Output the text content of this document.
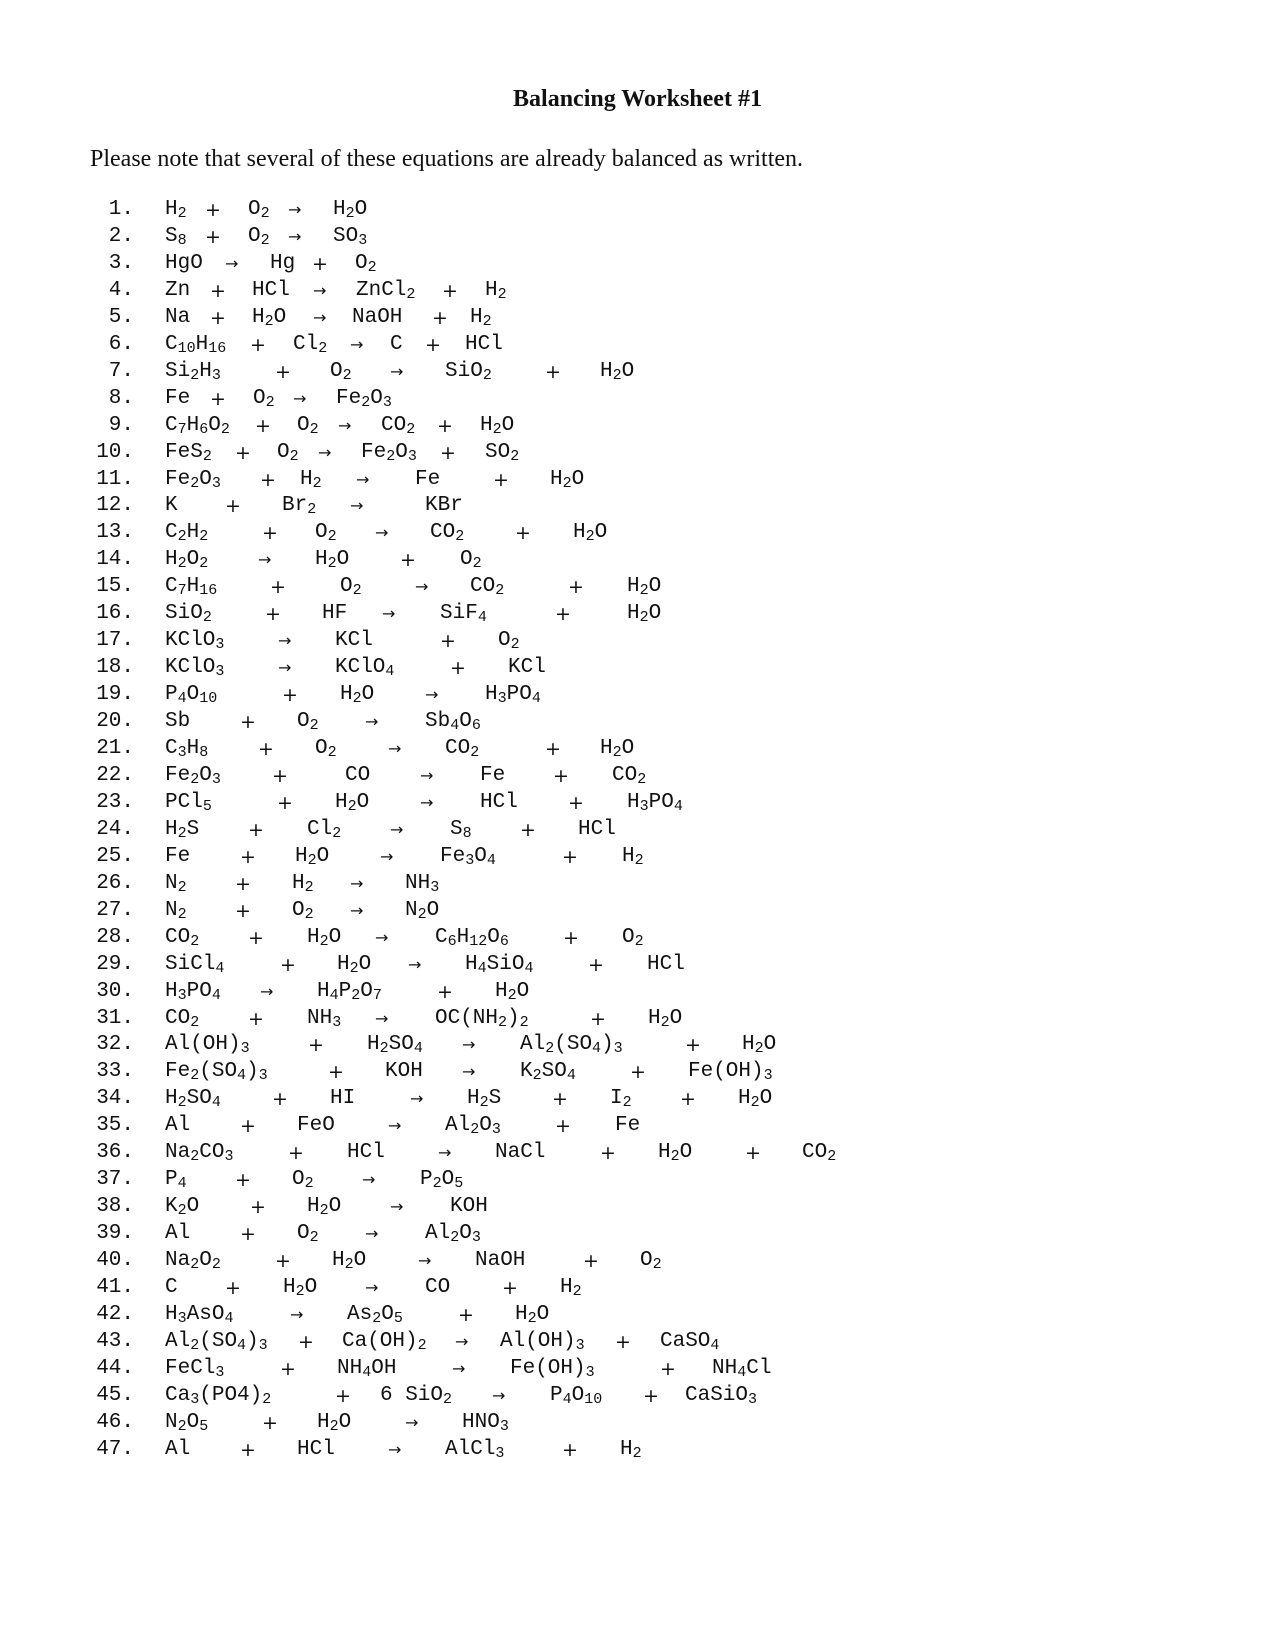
Balancing Worksheet #1
Please note that several of these equations are already balanced as written.
1. $H_2 + O_2 \to H_2O$
2. $S_8 + O_2 \to SO_3$
3. HgO → $Hg + O_2$
4. Zn + HCl → ZnCl$_2$ + $H_2$
5. $Na + H_2O$ → NaOH + $H_2$
6. $C_{10}H_{16} + Cl_2 \to C$ + HCl
7. $Si_2H_3$	+ $O_2 \to SiO_2$	+ $H_2O$
8. $Fe + O_2 \to Fe_2O_3$
9. $C_7H_6O_2 + O_2 \to CO_2 + H_2O$
10. $FeS_2 + O_2 \to Fe_2O_3 + SO_2$
11. $Fe_2O_3 + H_2 \to Fe$	+ $H_2O$
12. $K + Br_2$ →	KBr
13. $C_2H_2$	+ $O_2 \to CO_2$	+ $H_2O$
14. $H_2O_2$	→ $H_2O$	+ $O_2$
15. $C_7H_{16}$	+	$O_2$	→ $CO_2$	+ $H_2O$
16. SiO$_2$	+ HF → SiF$_4$	+	$H_2O$
17. KClO$_3$	→ KCl	+ $O_2$
18. KClO$_3$	→ KClO$_4$	+ KCl
19. $P_4O_{10}$	+ $H_2O$	→ $H_3PO_4$
20. Sb	+ $O_2$	→ $Sb_4O_6$
21. $C_3H_8$	+ $O_2$	→ $CO_2$	+ $H_2O$
22. $Fe_2O_3$	+	CO	→ Fe	+ $CO_2$
23. PCl$_5$	+ $H_2O$	→ HCl	+ $H_3PO_4$
24. $H_2S$	+ $Cl_2$	→ $S_8$	+ HCl
25. Fe	+ $H_2O$	→ $Fe_3O_4$	+ $H_2$
26. $N_2$	+ $H_2 \to NH_3$
27. $N_2$	+ $O_2 \to N_2O$
28. $CO_2$	+ $H_2O \to C_6H_{12}O_6$	+ $O_2$
29. SiCl$_4$	+ $H_2O \to H_4SiO_4$	+ HCl
30. $H_3PO_4 \to H_4P_2O_7$	+ $H_2O$
31. $CO_2$	+ $NH_3 \to OC(NH_2)_2$	+ $H_2O$
32. $Al(OH)_3$	+ $H_2SO_4 \to Al_2(SO_4)_3$	+ $H_2O$
33. $Fe_2(SO_4)_3$	+ KOH → $K_2SO_4$	+ $Fe(OH)_3$
34. $H_2SO_4$	+ HI	→ $H_2S$	+ $I_2$	+ $H_2O$
35. Al	+ FeO	→ $Al_2O_3$	+ Fe
36. $Na_2CO_3$	+ HCl	→ NaCl	+ $H_2O$	+ $CO_2$
37. $P_4$	+ $O_2$	→ $P_2O_5$
38. $K_2O$	+ $H_2O$	→ KOH
39. Al	+ $O_2$	→ $Al_2O_3$
40. $Na_2O_2$	+ $H_2O$	→ NaOH	+ $O_2$
41. $C + H_2O$	→ CO	+ $H_2$
42. $H_3AsO_4$	→ $As_2O_5$	+ $H_2O$
43. $Al_2(SO_4)_3 + Ca(OH)_2 \to Al(OH)_3$ + CaSO$_4$
44. FeCl$_3$	+ $NH_4OH$	→ $Fe(OH)_3$	+ $NH_4Cl$
45. $Ca_3(PO4)_2$	+ 6 $SiO_2 \to P_4O_{10}$ + CaSiO$_3$
46. $N_2O_5$	+ $H_2O$	→ $HNO_3$
47. Al	+ HCl	→ AlCl$_3$	+ $H_2$
